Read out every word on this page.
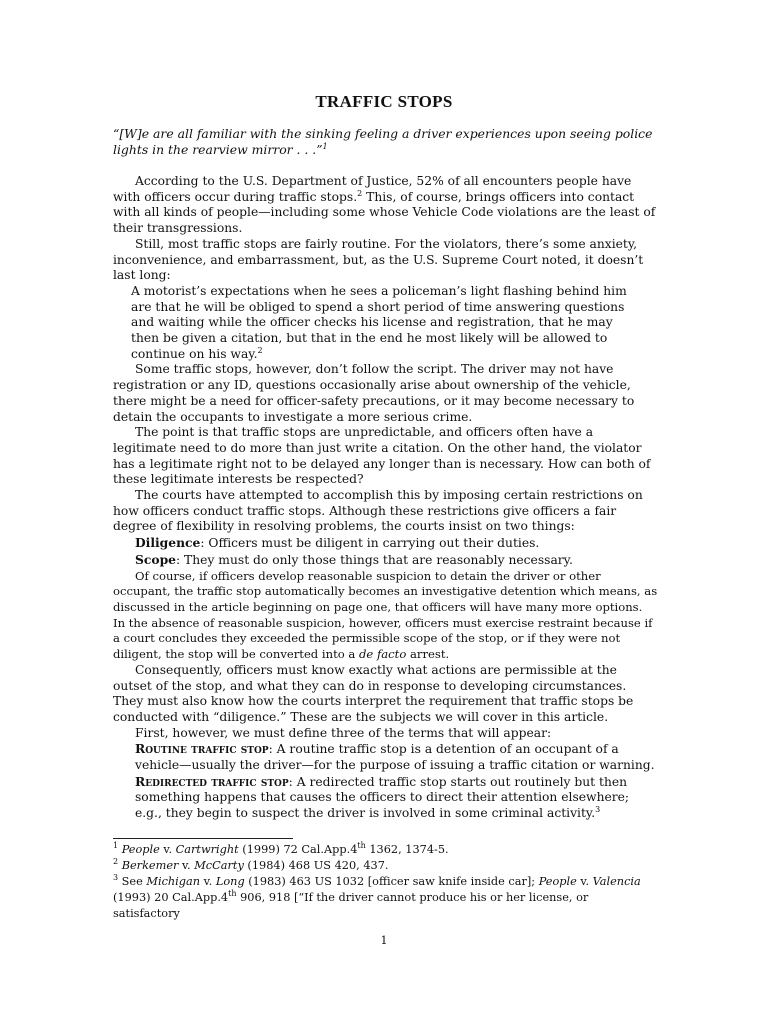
TRAFFIC STOPS

“[W]e are all familiar with the sinking feeling a driver experiences upon seeing police lights in the rearview mirror . . .”$^1$

According to the U.S. Department of Justice, 52% of all encounters people have with officers occur during traffic stops.$^2$ This, of course, brings officers into contact with all kinds of people—including some whose Vehicle Code violations are the least of their transgressions.

Still, most traffic stops are fairly routine. For the violators, there’s some anxiety, inconvenience, and embarrassment, but, as the U.S. Supreme Court noted, it doesn’t last long:

A motorist’s expectations when he sees a policeman’s light flashing behind him are that he will be obliged to spend a short period of time answering questions and waiting while the officer checks his license and registration, that he may then be given a citation, but that in the end he most likely will be allowed to continue on his way.$^2$

Some traffic stops, however, don’t follow the script. The driver may not have registration or any ID, questions occasionally arise about ownership of the vehicle, there might be a need for officer-safety precautions, or it may become necessary to detain the occupants to investigate a more serious crime.

The point is that traffic stops are unpredictable, and officers often have a legitimate need to do more than just write a citation. On the other hand, the violator has a legitimate right not to be delayed any longer than is necessary. How can both of these legitimate interests be respected?

The courts have attempted to accomplish this by imposing certain restrictions on how officers conduct traffic stops. Although these restrictions give officers a fair degree of flexibility in resolving problems, the courts insist on two things:

Diligence: Officers must be diligent in carrying out their duties.

Scope: They must do only those things that are reasonably necessary.

Of course, if officers develop reasonable suspicion to detain the driver or other occupant, the traffic stop automatically becomes an investigative detention which means, as discussed in the article beginning on page one, that officers will have many more options. In the absence of reasonable suspicion, however, officers must exercise restraint because if a court concludes they exceeded the permissible scope of the stop, or if they were not diligent, the stop will be converted into a de facto arrest.

Consequently, officers must know exactly what actions are permissible at the outset of the stop, and what they can do in response to developing circumstances. They must also know how the courts interpret the requirement that traffic stops be conducted with “diligence.” These are the subjects we will cover in this article.

First, however, we must define three of the terms that will appear:

Routine traffic stop: A routine traffic stop is a detention of an occupant of a vehicle—usually the driver—for the purpose of issuing a traffic citation or warning.

Redirected traffic stop: A redirected traffic stop starts out routinely but then something happens that causes the officers to direct their attention elsewhere; e.g., they begin to suspect the driver is involved in some criminal activity.$^3$

$^1$ People v. Cartwright (1999) 72 Cal.App.4th 1362, 1374-5.
$^2$ Berkemer v. McCarty (1984) 468 US 420, 437.
$^3$ See Michigan v. Long (1983) 463 US 1032 [officer saw knife inside car]; People v. Valencia
(1993) 20 Cal.App.4th 906, 918 [“If the driver cannot produce his or her license, or satisfactory
1
